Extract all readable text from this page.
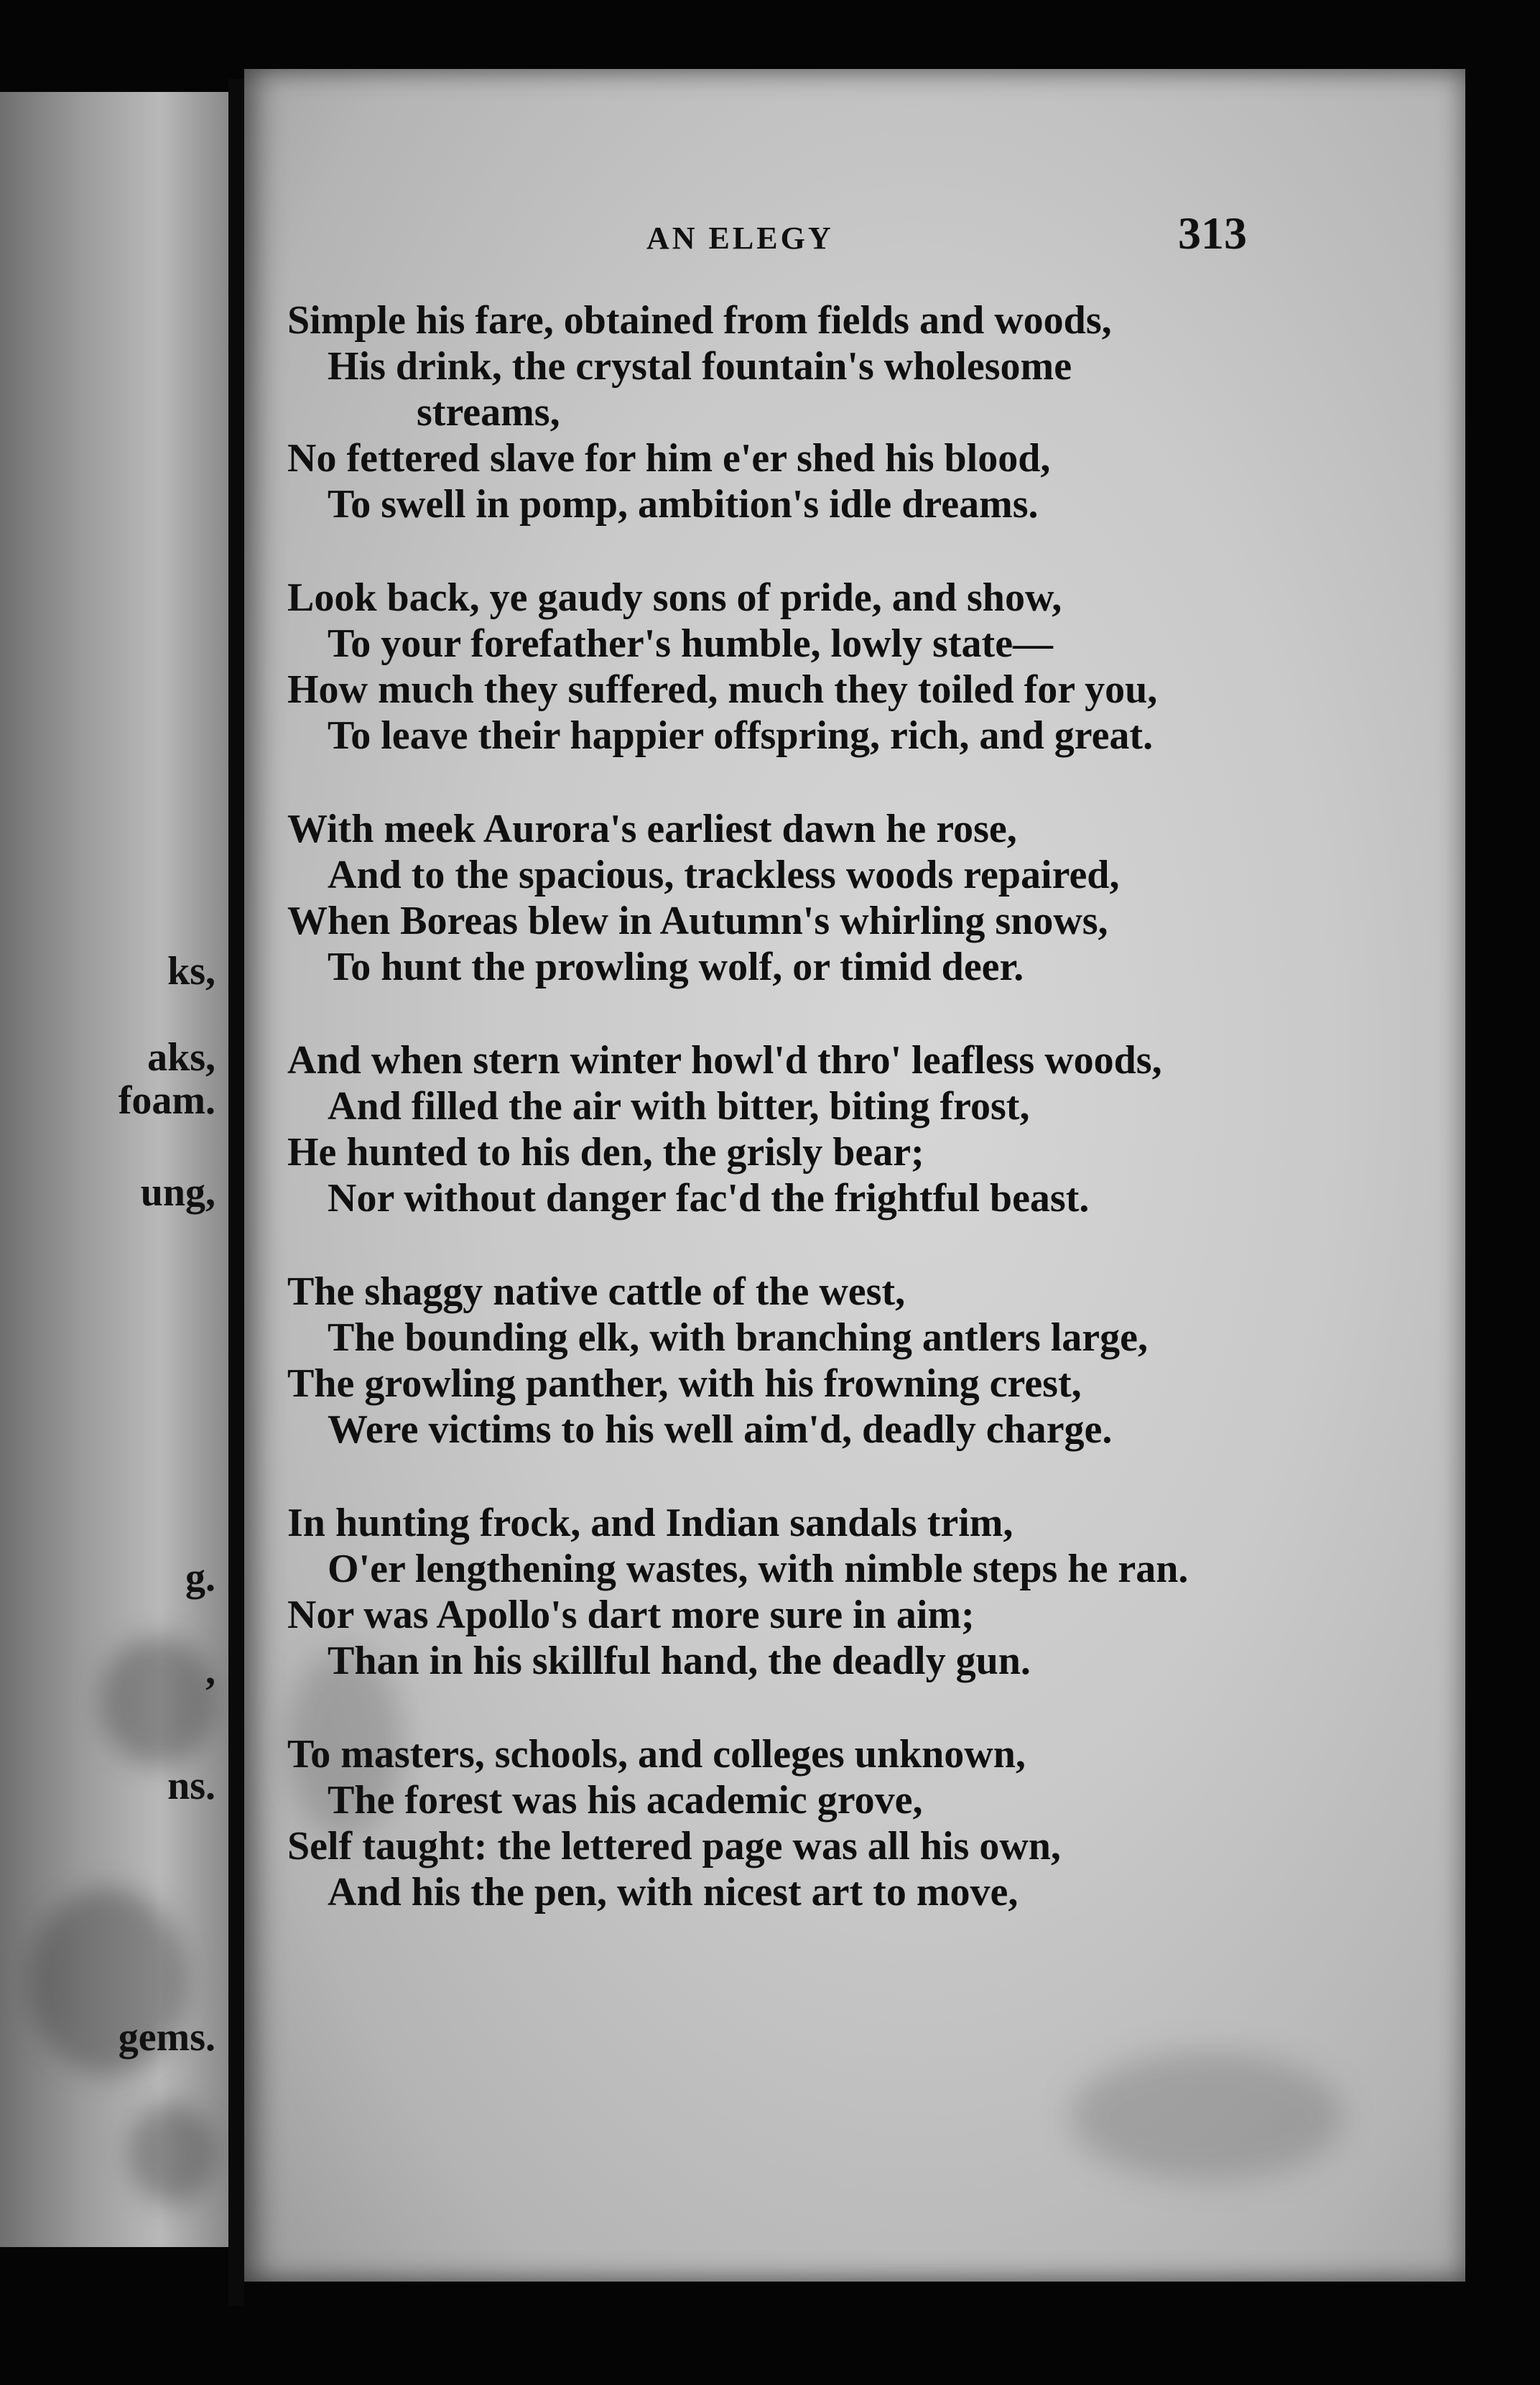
ks,
aks,
foam.
ung,
g.
,
ns.
gems.
AN ELEGY	313
Simple his fare, obtained from fields and woods,
His drink, the crystal fountain's wholesome
streams,
No fettered slave for him e'er shed his blood,
To swell in pomp, ambition's idle dreams.
Look back, ye gaudy sons of pride, and show,
To your forefather's humble, lowly state—
How much they suffered, much they toiled for you,
To leave their happier offspring, rich, and great.
With meek Aurora's earliest dawn he rose,
And to the spacious, trackless woods repaired,
When Boreas blew in Autumn's whirling snows,
To hunt the prowling wolf, or timid deer.
And when stern winter howl'd thro' leafless woods,
And filled the air with bitter, biting frost,
He hunted to his den, the grisly bear;
Nor without danger fac'd the frightful beast.
The shaggy native cattle of the west,
The bounding elk, with branching antlers large,
The growling panther, with his frowning crest,
Were victims to his well aim'd, deadly charge.
In hunting frock, and Indian sandals trim,
O'er lengthening wastes, with nimble steps he ran.
Nor was Apollo's dart more sure in aim;
Than in his skillful hand, the deadly gun.
To masters, schools, and colleges unknown,
The forest was his academic grove,
Self taught: the lettered page was all his own,
And his the pen, with nicest art to move,
